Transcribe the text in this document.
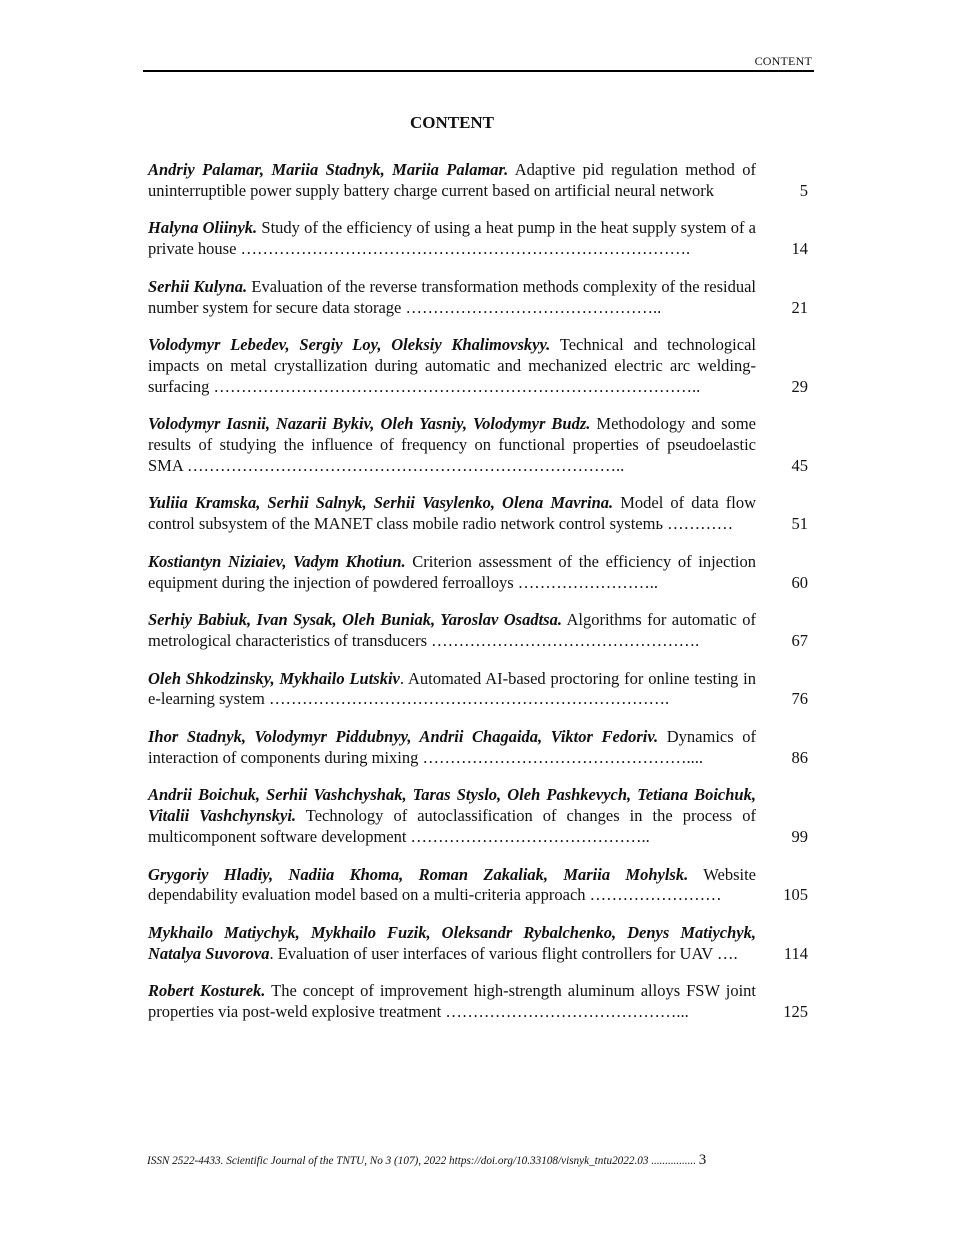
CONTENT
CONTENT
Andriy Palamar, Mariia Stadnyk, Mariia Palamar. Adaptive pid regulation method of uninterruptible power supply battery charge current based on artificial neural network	5
Halyna Oliinyk. Study of the efficiency of using a heat pump in the heat supply system of a private house ……………………………………………………………………….	14
Serhii Kulyna. Evaluation of the reverse transformation methods complexity of the residual number system for secure data storage ………………………………………..	21
Volodymyr Lebedev, Sergiy Loy, Oleksiy Khalimovskyy. Technical and technological impacts on metal crystallization during automatic and mechanized electric arc welding-surfacing ……………………………………………………………………………..	29
Volodymyr Iasnii, Nazarii Bykiv, Oleh Yasniy, Volodymyr Budz. Methodology and some results of studying the influence of frequency on functional properties of pseudoelastic SMA ……………………………………………………………………..	45
Yuliia Kramska, Serhii Salnyk, Serhii Vasylenko, Olena Mavrina. Model of data flow control subsystem of the MANET class mobile radio network control systemь …………	51
Kostiantyn Niziaiev, Vadym Khotiun. Criterion assessment of the efficiency of injection equipment during the injection of powdered ferroalloys ……………………..	60
Serhiy Babiuk, Ivan Sysak, Oleh Buniak, Yaroslav Osadtsa. Algorithms for automatic of metrological characteristics of transducers ………………………………………….	67
Oleh Shkodzinsky, Mykhailo Lutskiv. Automated AI-based proctoring for online testing in e-learning system ……………………………………………………………….	76
Ihor Stadnyk, Volodymyr Piddubnyy, Andrii Chagaida, Viktor Fedoriv. Dynamics of interaction of components during mixing …………………………………………....	86
Andrii Boichuk, Serhii Vashchyshak, Taras Styslo, Oleh Pashkevych, Tetiana Boichuk, Vitalii Vashchynskyi. Technology of autoclassification of changes in the process of multicomponent software development ……………………………………..	99
Grygoriy Hladiy, Nadiia Khoma, Roman Zakaliak, Mariia Mohylsk. Website dependability evaluation model based on a multi-criteria approach ……………………	105
Mykhailo Matiychyk, Mykhailo Fuzik, Oleksandr Rybalchenko, Denys Matiychyk, Natalya Suvorova. Evaluation of user interfaces of various flight controllers for UAV ….	114
Robert Kosturek. The concept of improvement high-strength aluminum alloys FSW joint properties via post-weld explosive treatment ……………………………………...	125
ISSN 2522-4433. Scientific Journal of the TNTU, No 3 (107), 2022 https://doi.org/10.33108/visnyk_tntu2022.03 ................ 3
